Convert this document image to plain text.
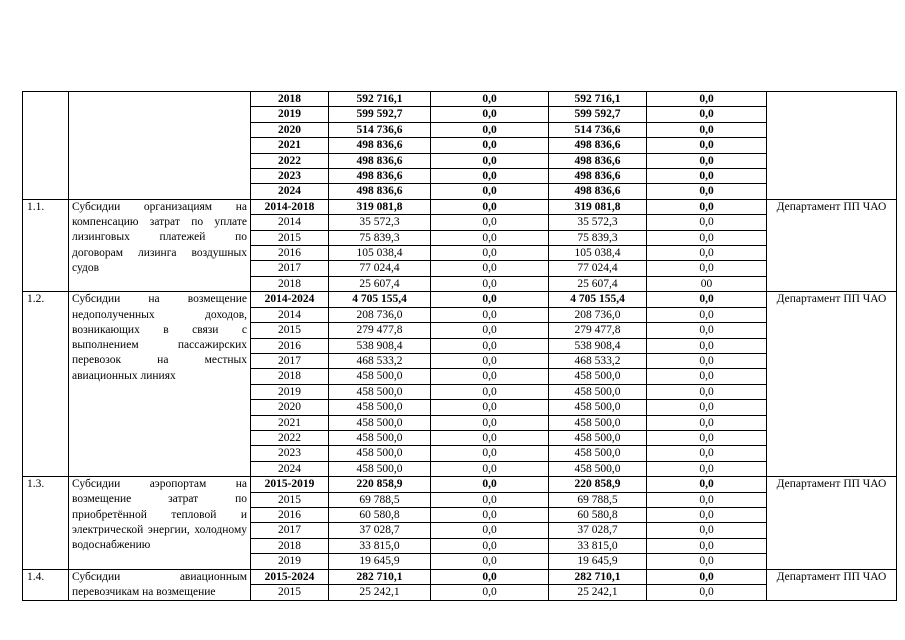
		2018	592 716,1	0,0	592 716,1	0,0	
		2019	599 592,7	0,0	599 592,7	0,0	
		2020	514 736,6	0,0	514 736,6	0,0	
		2021	498 836,6	0,0	498 836,6	0,0	
		2022	498 836,6	0,0	498 836,6	0,0	
		2023	498 836,6	0,0	498 836,6	0,0	
		2024	498 836,6	0,0	498 836,6	0,0	
1.1.	Субсидии организациям на компенсацию затрат по уплате лизинговых платежей по договорам лизинга воздушных судов	2014-2018	319 081,8	0,0	319 081,8	0,0	Департамент ПП ЧАО
		2014	35 572,3	0,0	35 572,3	0,0	
		2015	75 839,3	0,0	75 839,3	0,0	
		2016	105 038,4	0,0	105 038,4	0,0	
		2017	77 024,4	0,0	77 024,4	0,0	
		2018	25 607,4	0,0	25 607,4	00	
1.2.	Субсидии на возмещение недополученных доходов, возникающих в связи с выполнением пассажирских перевозок на местных авиационных линиях	2014-2024	4 705 155,4	0,0	4 705 155,4	0,0	Департамент ПП ЧАО
		2014	208 736,0	0,0	208 736,0	0,0	
		2015	279 477,8	0,0	279 477,8	0,0	
		2016	538 908,4	0,0	538 908,4	0,0	
		2017	468 533,2	0,0	468 533,2	0,0	
		2018	458 500,0	0,0	458 500,0	0,0	
		2019	458 500,0	0,0	458 500,0	0,0	
		2020	458 500,0	0,0	458 500,0	0,0	
		2021	458 500,0	0,0	458 500,0	0,0	
		2022	458 500,0	0,0	458 500,0	0,0	
		2023	458 500,0	0,0	458 500,0	0,0	
		2024	458 500,0	0,0	458 500,0	0,0	
1.3.	Субсидии аэропортам на возмещение затрат по приобретённой тепловой и электрической энергии, холодному водоснабжению	2015-2019	220 858,9	0,0	220 858,9	0,0	Департамент ПП ЧАО
		2015	69 788,5	0,0	69 788,5	0,0	
		2016	60 580,8	0,0	60 580,8	0,0	
		2017	37 028,7	0,0	37 028,7	0,0	
		2018	33 815,0	0,0	33 815,0	0,0	
		2019	19 645,9	0,0	19 645,9	0,0	
1.4.	Субсидии авиационным перевозчикам на возмещение	2015-2024	282 710,1	0,0	282 710,1	0,0	Департамент ПП ЧАО
		2015	25 242,1	0,0	25 242,1	0,0	
